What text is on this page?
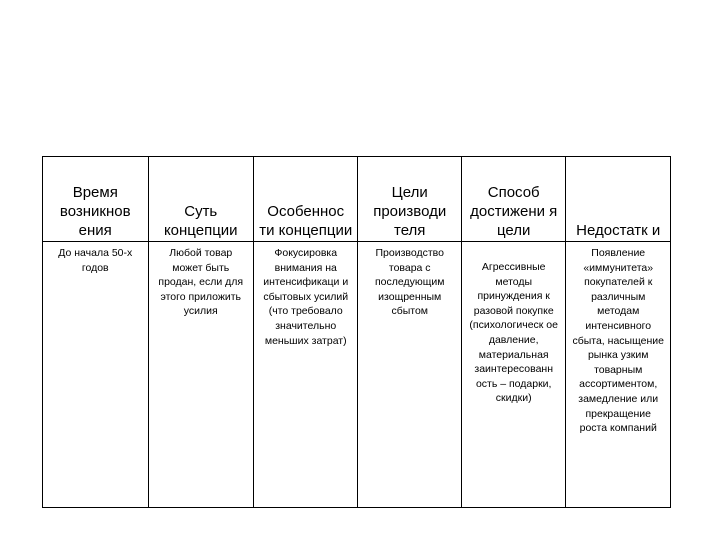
Время возникнов ения	Суть концепции	Особеннос ти концепции	Цели производи теля	Способ достижени я цели	Недостатк и
До начала 50-х годов	Любой товар может быть продан, если для этого приложить усилия	Фокусировка внимания на интенсификаци и сбытовых усилий (что требовало значительно меньших затрат)	Производство товара с последующим изощренным сбытом	Агрессивные методы принуждения к разовой покупке (психологическ ое давление, материальная заинтересованн ость – подарки, скидки)	Появление «иммунитета» покупателей к различным методам интенсивного сбыта, насыщение рынка узким товарным ассортиментом, замедление или прекращение роста компаний
